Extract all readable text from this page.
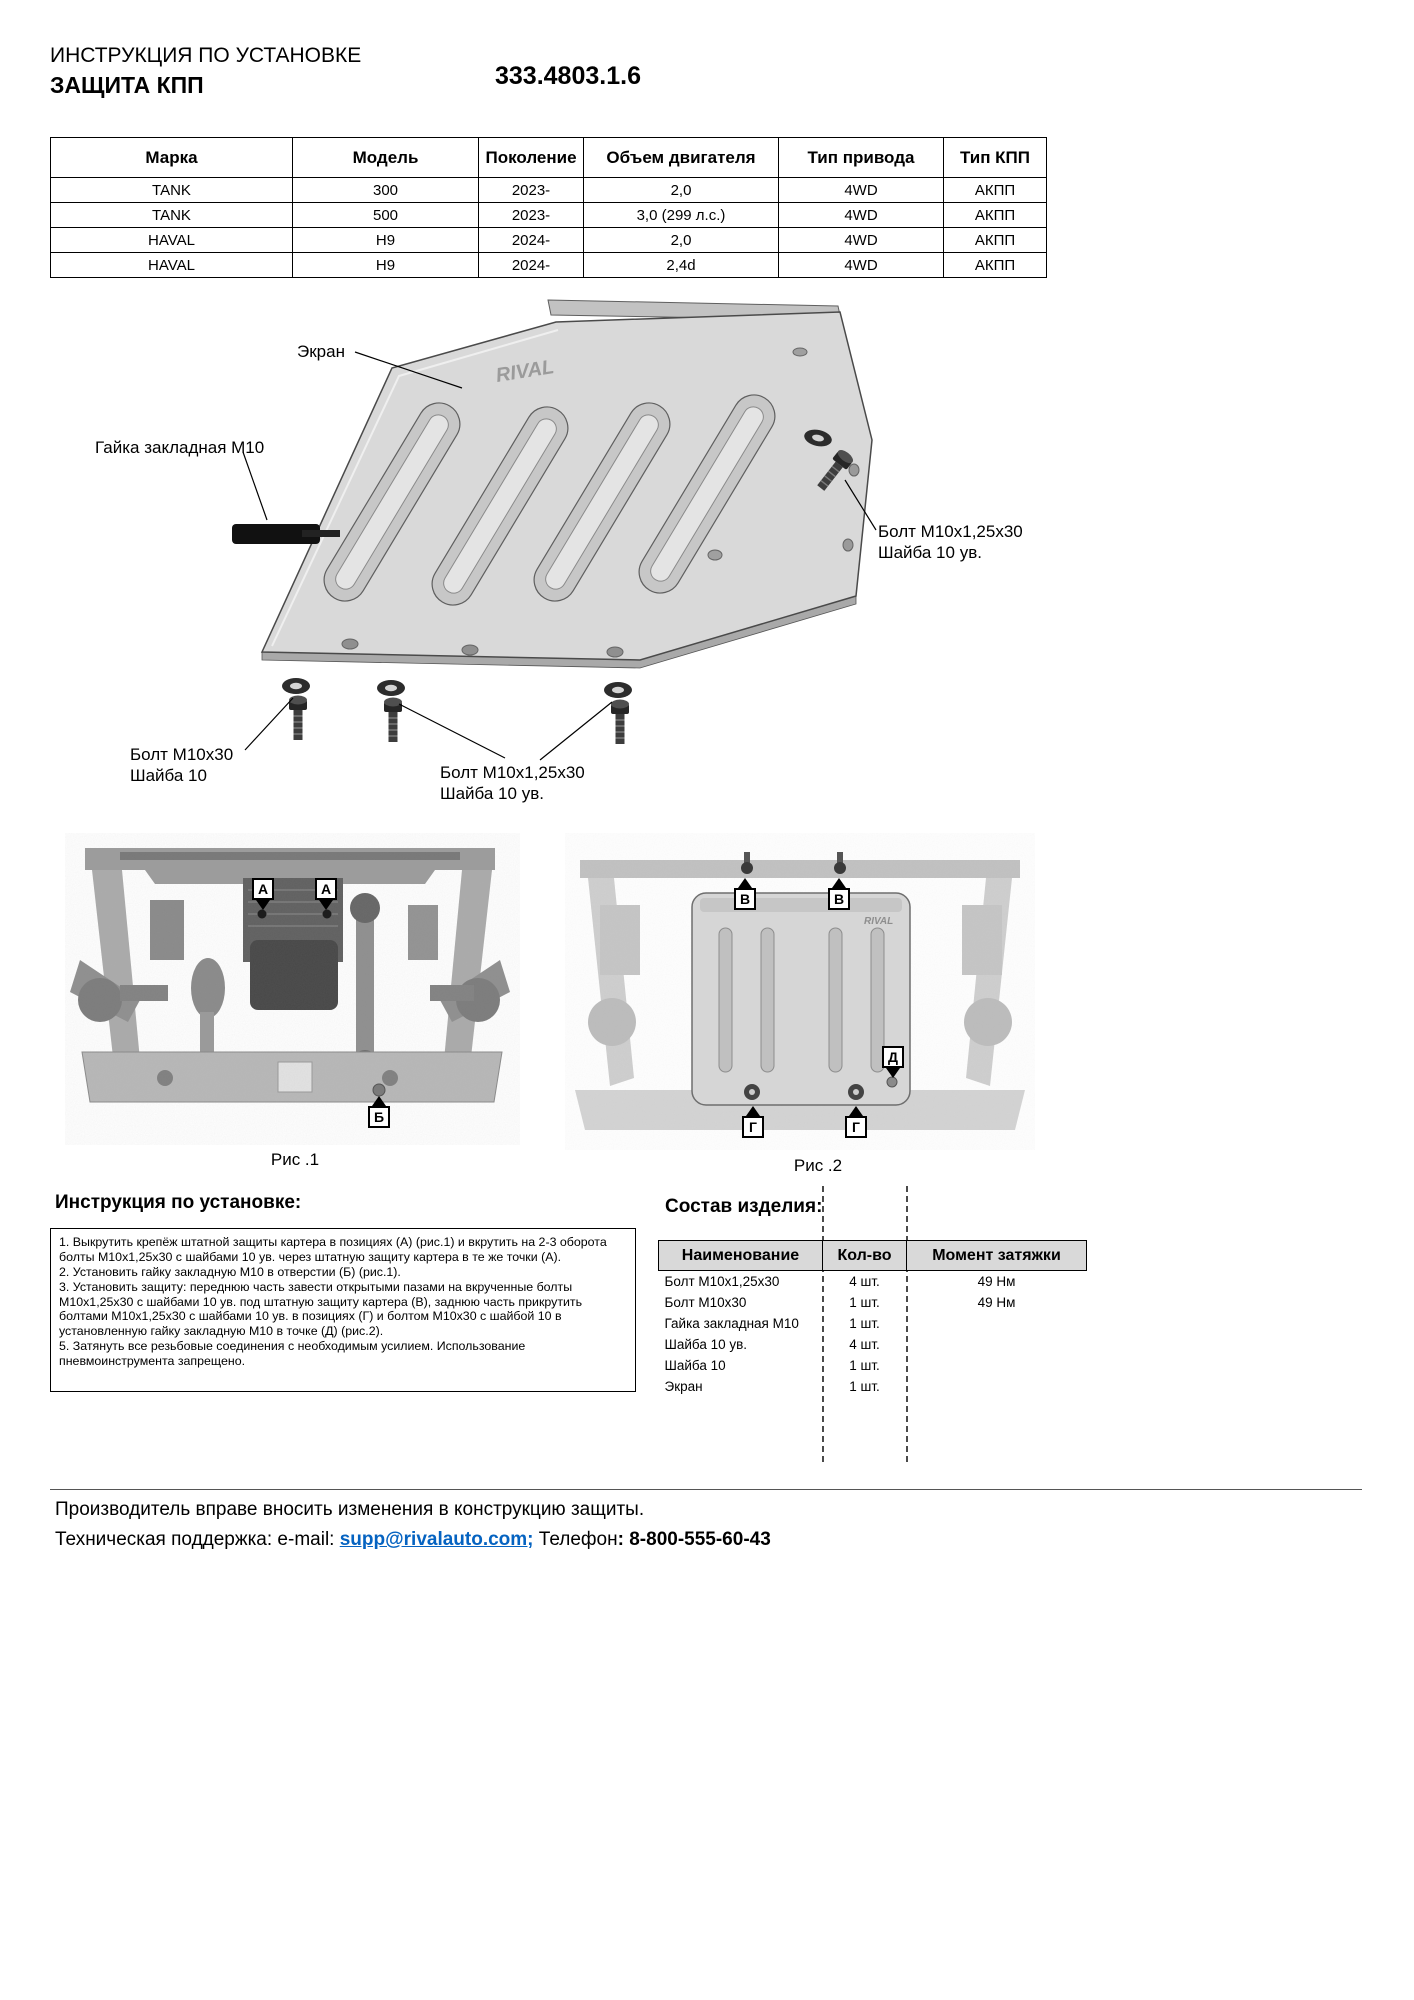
RIVAL
RIVAL
ИНСТРУКЦИЯ ПО УСТАНОВКЕ
ЗАЩИТА КПП	333.4803.1.6
Марка	Модель	Поколение	Объем двигателя	Тип привода	Тип КПП
TANK	300	2023-	2,0	4WD	АКПП
TANK	500	2023-	3,0 (299 л.с.)	4WD	АКПП
HAVAL	H9	2024-	2,0	4WD	АКПП
HAVAL	H9	2024-	2,4d	4WD	АКПП
Экран
Гайка закладная М10
Болт М10х1,25х30
Шайба 10 ув.
Болт М10х30
Шайба 10	Болт М10х1,25х30
Шайба 10 ув.
А	А
Б
В	В
Д
Г	Г
Рис .1	Рис .2
Инструкция по установке:

1. Выкрутить крепёж штатной защиты картера в позициях (А) (рис.1) и вкрутить на 2-3 оборота болты М10х1,25х30 с шайбами 10 ув. через штатную защиту картера в те же точки (А).

2. Установить гайку закладную М10 в отверстии (Б) (рис.1).

3. Установить защиту: переднюю часть завести открытыми пазами на вкрученные болты М10х1,25х30 с шайбами 10 ув. под штатную защиту картера (В), заднюю часть прикрутить болтами М10х1,25х30 с шайбами 10 ув. в позициях (Г) и болтом М10х30 с шайбой 10 в установленную гайку закладную М10 в точке (Д) (рис.2).

5. Затянуть все резьбовые соединения с необходимым усилием. Использование пневмоинструмента запрещено.

Состав изделия:
Наименование	Кол-во	Момент затяжки
Болт М10х1,25х30	4 шт.	49 Нм
Болт М10х30	1 шт.	49 Нм
Гайка закладная М10	1 шт.	
Шайба 10 ув.	4 шт.	
Шайба 10	1 шт.	
Экран	1 шт.	
Производитель вправе вносить изменения в конструкцию защиты.
Техническая поддержка: e-mail: supp@rivalauto.com; Телефон: 8-800-555-60-43
